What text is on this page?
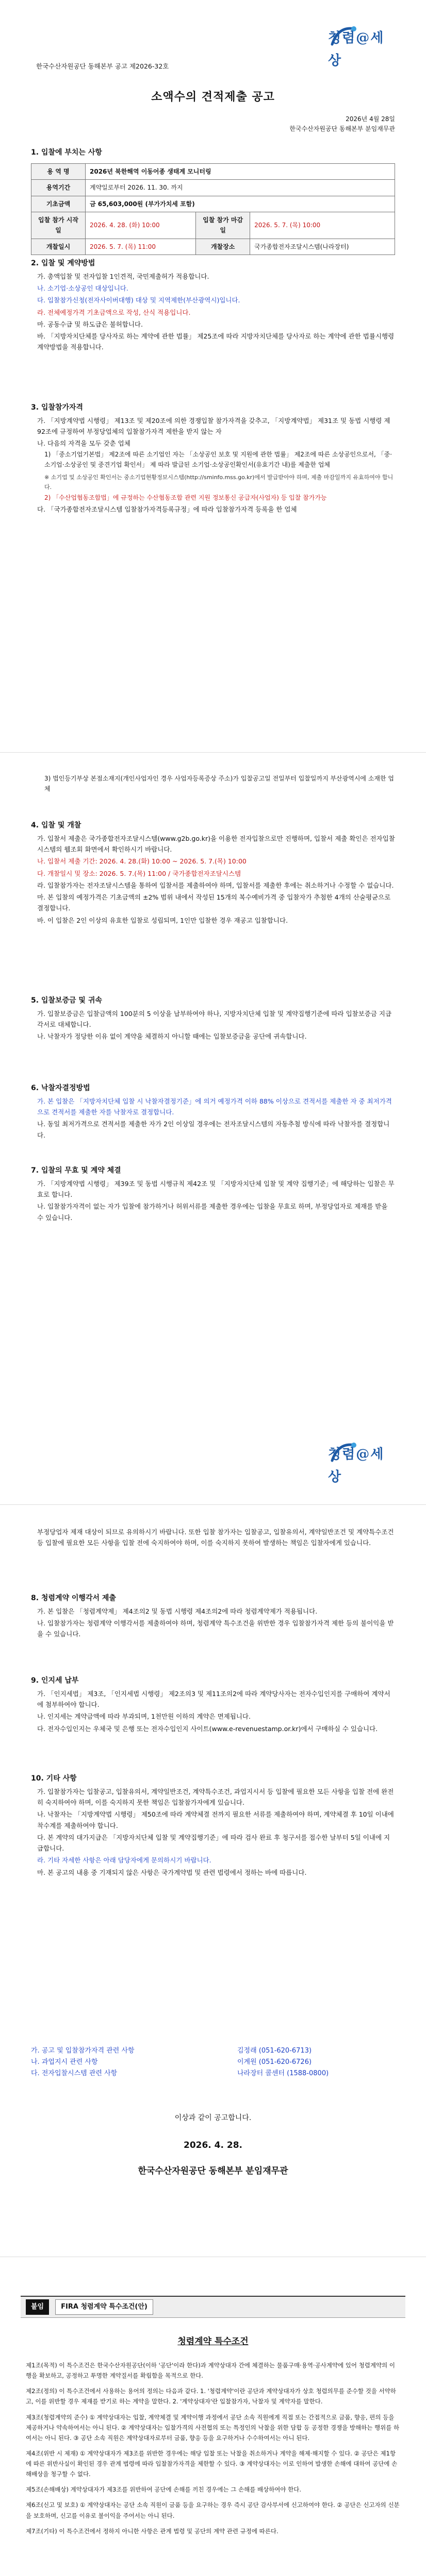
청렴@세상
한국수산자원공단 동해본부 공고 제2026-32호
소액수의 견적제출 공고
2026년 4월 28일
한국수산자원공단 동해본부 분임재무관
1. 입찰에 부치는 사항
용 역 명	2026년 북한해역 이동어종 생태계 모니터링		
용역기간	계약일로부터 2026. 11. 30. 까지		
기초금액	금 65,603,000원 (부가가치세 포함)		
입찰 참가 시작일	2026. 4. 28. (화) 10:00	입찰 참가 마감일	2026. 5. 7. (목) 10:00
개찰일시	2026. 5. 7. (목) 11:00	개찰장소	국가종합전자조달시스템(나라장터)
2. 입찰 및 계약방법

가. 총액입찰 및 전자입찰 1인견적, 국민제출허가 적용합니다.

나. 소기업·소상공인 대상입니다.

다. 입찰참가신청(전자사이버대행) 대상 및 지역제한(부산광역시)입니다.

라. 전체예정가격 기초금액으로 작성, 산식 적용입니다.

마. 공동수급 및 하도급은 불허합니다.

바. 「지방자치단체를 당사자로 하는 계약에 관한 법률」 제25조에 따라 지방자치단체를 당사자로 하는 계약에 관한 법률시행령 계약방법을 적용합니다.

3. 입찰참가자격

가. 「지방계약법 시행령」 제13조 및 제20조에 의한 경쟁입찰 참가자격을 갖추고, 「지방계약법」 제31조 및 동법 시행령 제92조에 규정하여 부정당업체의 입찰참가자격 제한을 받지 않는 자

나. 다음의 자격을 모두 갖춘 업체

1) 「중소기업기본법」 제2조에 따른 소기업인 자는 「소상공인 보호 및 지원에 관한 법률」 제2조에 따른 소상공인으로서, 「중·소기업·소상공인 및 중견기업 확인서」 제 따라 발급된 소기업·소상공인확인서(유효기간 내)를 제출한 업체

※ 소기업 및 소상공인 확인서는 중소기업현황정보시스템(http://sminfo.mss.go.kr)에서 발급받아야 하며, 제출 마감일까지 유효하여야 합니다.

2) 「수산업협동조합법」에 규정하는 수산협동조합 관련 지원 정보통신 공급자(사업자) 등 입찰 참가가능

다. 「국가종합전자조달시스템 입찰참가자격등록규정」에 따라 입찰참가자격 등록을 한 업체

3) 법인등기부상 본점소재지(개인사업자인 경우 사업자등록증상 주소)가 입찰공고일 전일부터 입찰일까지 부산광역시에 소재한 업체

4. 입찰 및 개찰

가. 입찰서 제출은 국가종합전자조달시스템(www.g2b.go.kr)을 이용한 전자입찰으로만 진행하며, 입찰서 제출 확인은 전자입찰시스템의 웹조회 화면에서 확인하시기 바랍니다.

나. 입찰서 제출 기간: 2026. 4. 28.(화) 10:00 ~ 2026. 5. 7.(목) 10:00

다. 개찰일시 및 장소: 2026. 5. 7.(목) 11:00 / 국가종합전자조달시스템

라. 입찰참가자는 전자조달시스템을 통하여 입찰서를 제출하여야 하며, 입찰서를 제출한 후에는 취소하거나 수정할 수 없습니다.

마. 본 입찰의 예정가격은 기초금액의 ±2% 범위 내에서 작성된 15개의 복수예비가격 중 입찰자가 추첨한 4개의 산술평균으로 결정합니다.

바. 이 입찰은 2인 이상의 유효한 입찰로 성립되며, 1인만 입찰한 경우 재공고 입찰합니다.

5. 입찰보증금 및 귀속

가. 입찰보증금은 입찰금액의 100분의 5 이상을 납부하여야 하나, 지방자치단체 입찰 및 계약집행기준에 따라 입찰보증금 지급각서로 대체합니다.

나. 낙찰자가 정당한 이유 없이 계약을 체결하지 아니할 때에는 입찰보증금을 공단에 귀속합니다.

6. 낙찰자결정방법

가. 본 입찰은 「지방자치단체 입찰 시 낙찰자결정기준」에 의거 예정가격 이하 88% 이상으로 견적서를 제출한 자 중 최저가격으로 견적서를 제출한 자를 낙찰자로 결정합니다.

나. 동일 최저가격으로 견적서를 제출한 자가 2인 이상일 경우에는 전자조달시스템의 자동추첨 방식에 따라 낙찰자를 결정합니다.

7. 입찰의 무효 및 계약 체결

가. 「지방계약법 시행령」 제39조 및 동법 시행규칙 제42조 및 「지방자치단체 입찰 및 계약 집행기준」에 해당하는 입찰은 무효로 합니다.

나. 입찰참가자격이 없는 자가 입찰에 참가하거나 허위서류를 제출한 경우에는 입찰을 무효로 하며, 부정당업자로 제재를 받을 수 있습니다.

청렴@세상

부정당업자 제재 대상이 되므로 유의하시기 바랍니다. 또한 입찰 참가자는 입찰공고, 입찰유의서, 계약일반조건 및 계약특수조건 등 입찰에 필요한 모든 사항을 입찰 전에 숙지하여야 하며, 이를 숙지하지 못하여 발생하는 책임은 입찰자에게 있습니다.

8. 청렴계약 이행각서 제출

가. 본 입찰은 「청렴계약제」 제4조의2 및 동법 시행령 제4조의2에 따라 청렴계약제가 적용됩니다.

나. 입찰참가자는 청렴계약 이행각서를 제출하여야 하며, 청렴계약 특수조건을 위반한 경우 입찰참가자격 제한 등의 불이익을 받을 수 있습니다.

9. 인지세 납부

가. 「인지세법」 제3조, 「인지세법 시행령」 제2조의3 및 제11조의2에 따라 계약당사자는 전자수입인지를 구매하여 계약서에 첨부하여야 합니다.

나. 인지세는 계약금액에 따라 부과되며, 1천만원 이하의 계약은 면제됩니다.

다. 전자수입인지는 우체국 및 은행 또는 전자수입인지 사이트(www.e-revenuestamp.or.kr)에서 구매하실 수 있습니다.

10. 기타 사항

가. 입찰참가자는 입찰공고, 입찰유의서, 계약일반조건, 계약특수조건, 과업지시서 등 입찰에 필요한 모든 사항을 입찰 전에 완전히 숙지하여야 하며, 이를 숙지하지 못한 책임은 입찰참가자에게 있습니다.

나. 낙찰자는 「지방계약법 시행령」 제50조에 따라 계약체결 전까지 필요한 서류를 제출하여야 하며, 계약체결 후 10일 이내에 착수계를 제출하여야 합니다.

다. 본 계약의 대가지급은 「지방자치단체 입찰 및 계약집행기준」에 따라 검사 완료 후 청구서를 접수한 날부터 5일 이내에 지급합니다.

라. 기타 자세한 사항은 아래 담당자에게 문의하시기 바랍니다.

마. 본 공고의 내용 중 기재되지 않은 사항은 국가계약법 및 관련 법령에서 정하는 바에 따릅니다.

가. 공고 및 입찰참가자격 관련 사항	김정래 (051-620-6713)
나. 과업지시 관련 사항	이계원 (051-620-6726)
다. 전자입찰시스템 관련 사항	나라장터 콜센터 (1588-0800)
이상과 같이 공고합니다.
2026. 4. 28.
한국수산자원공단 동해본부 분임재무관
붙임	FIRA 청렴계약 특수조건(안)
청렴계약 특수조건

제1조(목적) 이 특수조건은 한국수산자원공단(이하 '공단'이라 한다)과 계약상대자 간에 체결하는 물품구매·용역·공사계약에 있어 청렴계약의 이행을 확보하고, 공정하고 투명한 계약질서를 확립함을 목적으로 한다.

제2조(정의) 이 특수조건에서 사용하는 용어의 정의는 다음과 같다. 1. '청렴계약'이란 공단과 계약상대자가 상호 청렴의무를 준수할 것을 서약하고, 이를 위반할 경우 제재를 받기로 하는 계약을 말한다. 2. '계약상대자'란 입찰참가자, 낙찰자 및 계약자를 말한다.

제3조(청렴계약의 준수) ① 계약상대자는 입찰, 계약체결 및 계약이행 과정에서 공단 소속 직원에게 직접 또는 간접적으로 금품, 향응, 편의 등을 제공하거나 약속하여서는 아니 된다. ② 계약상대자는 입찰가격의 사전협의 또는 특정인의 낙찰을 위한 담합 등 공정한 경쟁을 방해하는 행위를 하여서는 아니 된다. ③ 공단 소속 직원은 계약상대자로부터 금품, 향응 등을 요구하거나 수수하여서는 아니 된다.

제4조(위반 시 제재) ① 계약상대자가 제3조를 위반한 경우에는 해당 입찰 또는 낙찰을 취소하거나 계약을 해제·해지할 수 있다. ② 공단은 제1항에 따른 위반사실이 확인된 경우 관계 법령에 따라 입찰참가자격을 제한할 수 있다. ③ 계약상대자는 이로 인하여 발생한 손해에 대하여 공단에 손해배상을 청구할 수 없다.

제5조(손해배상) 계약상대자가 제3조를 위반하여 공단에 손해를 끼친 경우에는 그 손해를 배상하여야 한다.

제6조(신고 및 보호) ① 계약상대자는 공단 소속 직원이 금품 등을 요구하는 경우 즉시 공단 감사부서에 신고하여야 한다. ② 공단은 신고자의 신분을 보호하며, 신고를 이유로 불이익을 주어서는 아니 된다.

제7조(기타) 이 특수조건에서 정하지 아니한 사항은 관계 법령 및 공단의 계약 관련 규정에 따른다.
